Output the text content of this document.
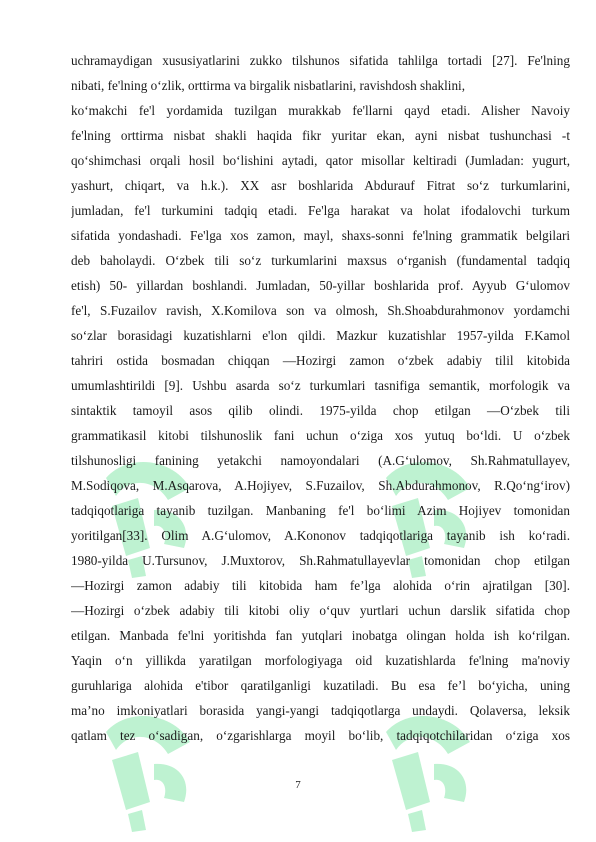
uchramaydigan xususiyatlarini zukko tilshunos sifatida tahlilga tortadi [27]. Fe'lning
nibati, fe'lning o‘zlik, orttirma va birgalik nisbatlarini, ravishdosh shaklini,
ko‘makchi fe'l yordamida tuzilgan murakkab fe'llarni qayd etadi. Alisher Navoiy
fe'lning orttirma nisbat shakli haqida fikr yuritar ekan, ayni nisbat tushunchasi -t
qo‘shimchasi orqali hosil bo‘lishini aytadi, qator misollar keltiradi (Jumladan: yugurt,
yashurt, chiqart, va h.k.). XX asr boshlarida Abdurauf Fitrat so‘z turkumlarini,
jumladan, fe'l turkumini tadqiq etadi. Fe'lga harakat va holat ifodalovchi turkum
sifatida yondashadi. Fe'lga xos zamon, mayl, shaxs-sonni fe'lning grammatik belgilari
deb baholaydi. O‘zbek tili so‘z turkumlarini maxsus o‘rganish (fundamental tadqiq
etish) 50- yillardan boshlandi. Jumladan, 50-yillar boshlarida prof. Ayyub G‘ulomov
fe'l, S.Fuzailov ravish, X.Komilova son va olmosh, Sh.Shoabdurahmonov yordamchi
so‘zlar borasidagi kuzatishlarni e'lon qildi. Mazkur kuzatishlar 1957-yilda F.Kamol
tahriri ostida bosmadan chiqqan ―Hozirgi zamon o‘zbek adabiy tilil kitobida
umumlashtirildi [9]. Ushbu asarda so‘z turkumlari tasnifiga semantik, morfologik va
sintaktik tamoyil asos qilib olindi. 1975-yilda chop etilgan ―O‘zbek tili
grammatikasil kitobi tilshunoslik fani uchun o‘ziga xos yutuq bo‘ldi. U o‘zbek
tilshunosligi fanining yetakchi namoyondalari (A.G‘ulomov, Sh.Rahmatullayev,
M.Sodiqova, M.Asqarova, A.Hojiyev, S.Fuzailov, Sh.Abdurahmonov, R.Qo‘ng‘irov)
tadqiqotlariga tayanib tuzilgan. Manbaning fe'l bo‘limi Azim Hojiyev tomonidan
yoritilgan[33]. Olim A.G‘ulomov, A.Kononov tadqiqotlariga tayanib ish ko‘radi.
1980-yilda U.Tursunov, J.Muxtorov, Sh.Rahmatullayevlar tomonidan chop etilgan
―Hozirgi zamon adabiy tili kitobida ham fe’lga alohida o‘rin ajratilgan [30].
―Hozirgi o‘zbek adabiy tili kitobi oliy o‘quv yurtlari uchun darslik sifatida chop
etilgan. Manbada fe'lni yoritishda fan yutqlari inobatga olingan holda ish ko‘rilgan.
Yaqin o‘n yillikda yaratilgan morfologiyaga oid kuzatishlarda fe'lning ma'noviy
guruhlariga alohida e'tibor qaratilganligi kuzatiladi. Bu esa fe’l bo‘yicha, uning
ma’no imkoniyatlari borasida yangi-yangi tadqiqotlarga undaydi. Qolaversa, leksik
qatlam tez o‘sadigan, o‘zgarishlarga moyil bo‘lib, tadqiqotchilaridan o‘ziga xos
7
